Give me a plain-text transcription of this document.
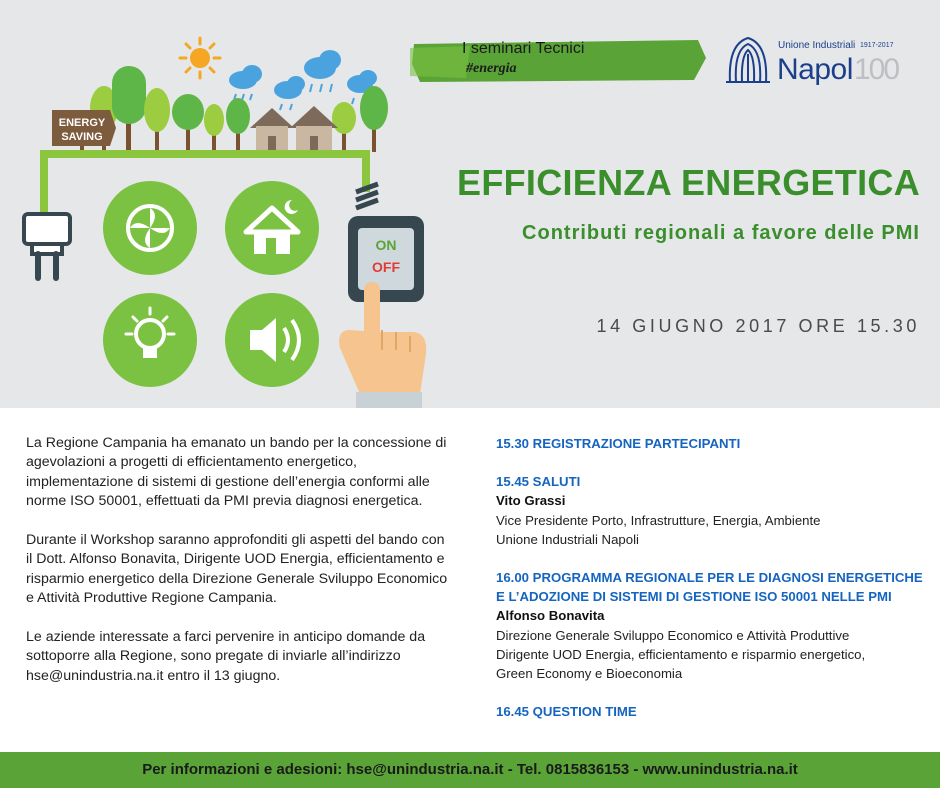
ENERGY
SAVING
ON
OFF
I seminari Tecnici
#energia
Unione Industriali 1917-2017
Napol 100
EFFICIENZA ENERGETICA
Contributi regionali a favore delle PMI
14 GIUGNO 2017 ORE 15.30

La Regione Campania ha emanato un bando per la concessione di agevolazioni a progetti di efficientamento energetico, implementazione di sistemi di gestione dell’energia conformi alle norme ISO 50001, effettuati da PMI previa diagnosi energetica.

Durante il Workshop saranno approfonditi gli aspetti del bando con il Dott. Alfonso Bonavita, Dirigente UOD Energia, efficientamento e risparmio energetico della Direzione Generale Sviluppo Economico e Attività Produttive Regione Campania.

Le aziende interessate a farci pervenire in anticipo domande da sottoporre alla Regione, sono pregate di inviarle all’indirizzo hse@unindustria.na.it entro il 13 giugno.

15.30 REGISTRAZIONE PARTECIPANTI
15.45 SALUTI
Vito Grassi
Vice Presidente Porto, Infrastrutture, Energia, Ambiente
Unione Industriali Napoli
16.00 PROGRAMMA REGIONALE PER LE DIAGNOSI ENERGETICHE E L’ADOZIONE DI SISTEMI DI GESTIONE ISO 50001 NELLE PMI
Alfonso Bonavita
Direzione Generale Sviluppo Economico e Attività Produttive
Dirigente UOD Energia, efficientamento e risparmio energetico,
Green Economy e Bioeconomia
16.45 QUESTION TIME
Per informazioni e adesioni: hse@unindustria.na.it - Tel. 0815836153 - www.unindustria.na.it
